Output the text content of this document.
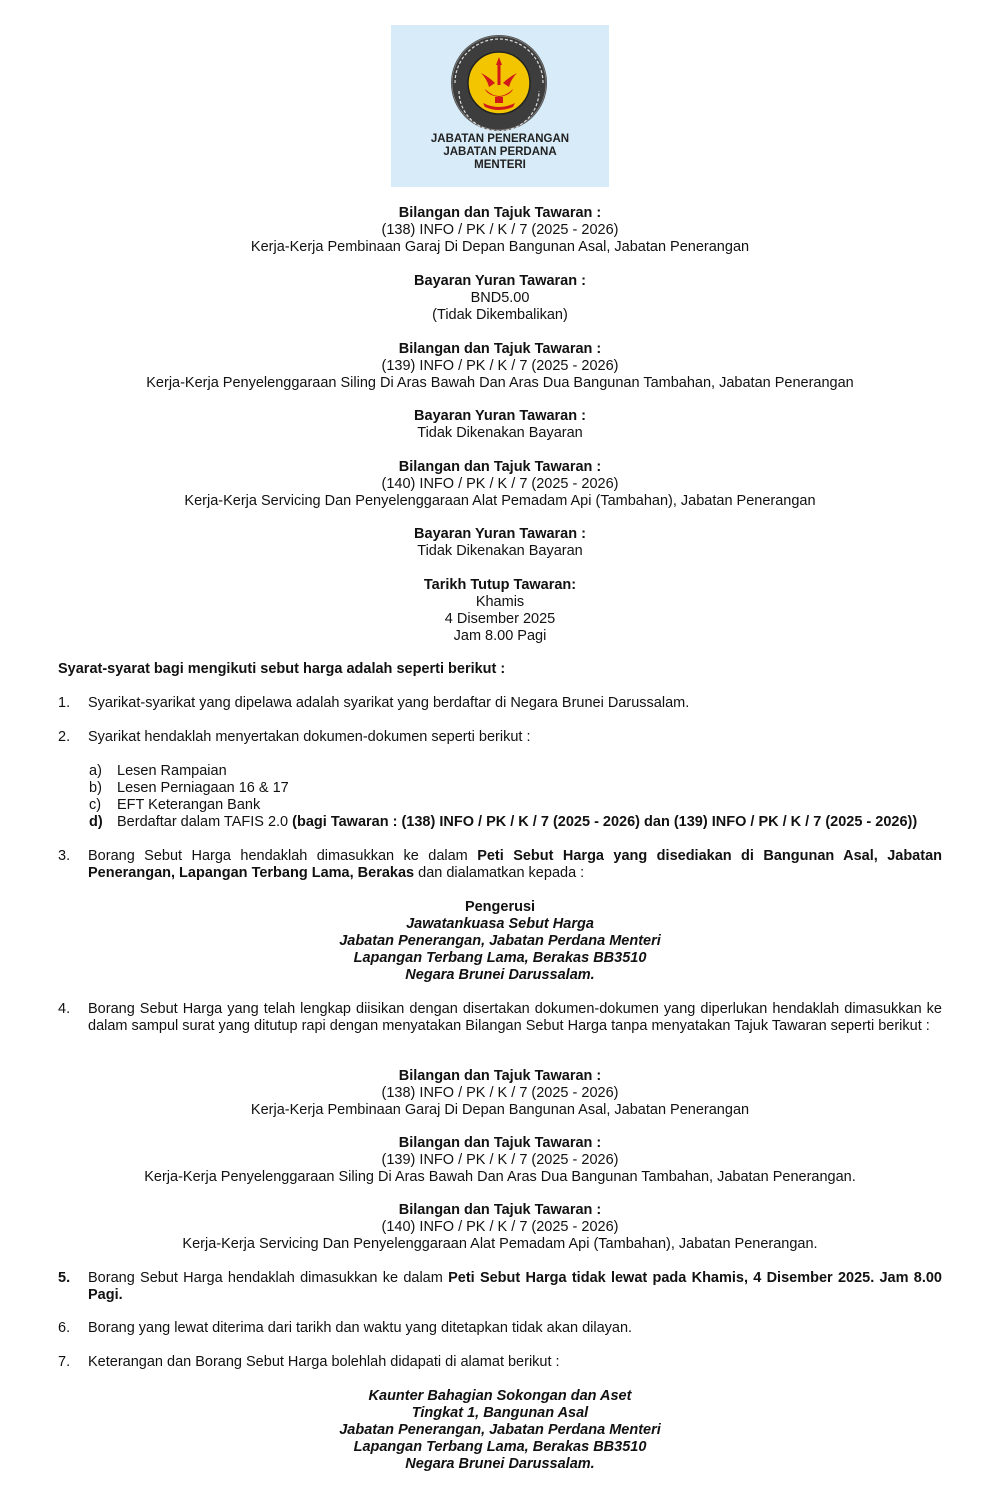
JABATAN PENERANGAN
JABATAN PERDANA
MENTERI
Bilangan dan Tajuk Tawaran :
(138) INFO / PK / K / 7 (2025 - 2026)
Kerja-Kerja Pembinaan Garaj Di Depan Bangunan Asal, Jabatan Penerangan
Bayaran Yuran Tawaran :
BND5.00
(Tidak Dikembalikan)
Bilangan dan Tajuk Tawaran :
(139) INFO / PK / K / 7 (2025 - 2026)
Kerja-Kerja Penyelenggaraan Siling Di Aras Bawah Dan Aras Dua Bangunan Tambahan, Jabatan Penerangan
Bayaran Yuran Tawaran :
Tidak Dikenakan Bayaran
Bilangan dan Tajuk Tawaran :
(140) INFO / PK / K / 7 (2025 - 2026)
Kerja-Kerja Servicing Dan Penyelenggaraan Alat Pemadam Api (Tambahan), Jabatan Penerangan
Bayaran Yuran Tawaran :
Tidak Dikenakan Bayaran
Tarikh Tutup Tawaran:
Khamis
4 Disember 2025
Jam 8.00 Pagi
Syarat-syarat bagi mengikuti sebut harga adalah seperti berikut :
1.	Syarikat-syarikat yang dipelawa adalah syarikat yang berdaftar di Negara Brunei Darussalam.
2.	Syarikat hendaklah menyertakan dokumen-dokumen seperti berikut :
a)	Lesen Rampaian
b)	Lesen Perniagaan 16 & 17
c)	EFT Keterangan Bank
d) Berdaftar dalam TAFIS 2.0 (bagi Tawaran : (138) INFO / PK / K / 7 (2025 - 2026) dan (139) INFO / PK / K / 7 (2025 - 2026))
3.	Borang Sebut Harga hendaklah dimasukkan ke dalam Peti Sebut Harga yang disediakan di Bangunan Asal, Jabatan Penerangan, Lapangan Terbang Lama, Berakas dan dialamatkan kepada :
Pengerusi
Jawatankuasa Sebut Harga
Jabatan Penerangan, Jabatan Perdana Menteri
Lapangan Terbang Lama, Berakas BB3510
Negara Brunei Darussalam.
4.	Borang Sebut Harga yang telah lengkap diisikan dengan disertakan dokumen-dokumen yang diperlukan hendaklah dimasukkan ke dalam sampul surat yang ditutup rapi dengan menyatakan Bilangan Sebut Harga tanpa menyatakan Tajuk Tawaran seperti berikut :
Bilangan dan Tajuk Tawaran :
(138) INFO / PK / K / 7 (2025 - 2026)
Kerja-Kerja Pembinaan Garaj Di Depan Bangunan Asal, Jabatan Penerangan
Bilangan dan Tajuk Tawaran :
(139) INFO / PK / K / 7 (2025 - 2026)
Kerja-Kerja Penyelenggaraan Siling Di Aras Bawah Dan Aras Dua Bangunan Tambahan, Jabatan Penerangan.
Bilangan dan Tajuk Tawaran :
(140) INFO / PK / K / 7 (2025 - 2026)
Kerja-Kerja Servicing Dan Penyelenggaraan Alat Pemadam Api (Tambahan), Jabatan Penerangan.
5.	Borang Sebut Harga hendaklah dimasukkan ke dalam Peti Sebut Harga tidak lewat pada Khamis, 4 Disember 2025. Jam 8.00 Pagi.
6.	Borang yang lewat diterima dari tarikh dan waktu yang ditetapkan tidak akan dilayan.
7.	Keterangan dan Borang Sebut Harga bolehlah didapati di alamat berikut :
Kaunter Bahagian Sokongan dan Aset
Tingkat 1, Bangunan Asal
Jabatan Penerangan, Jabatan Perdana Menteri
Lapangan Terbang Lama, Berakas BB3510
Negara Brunei Darussalam.
